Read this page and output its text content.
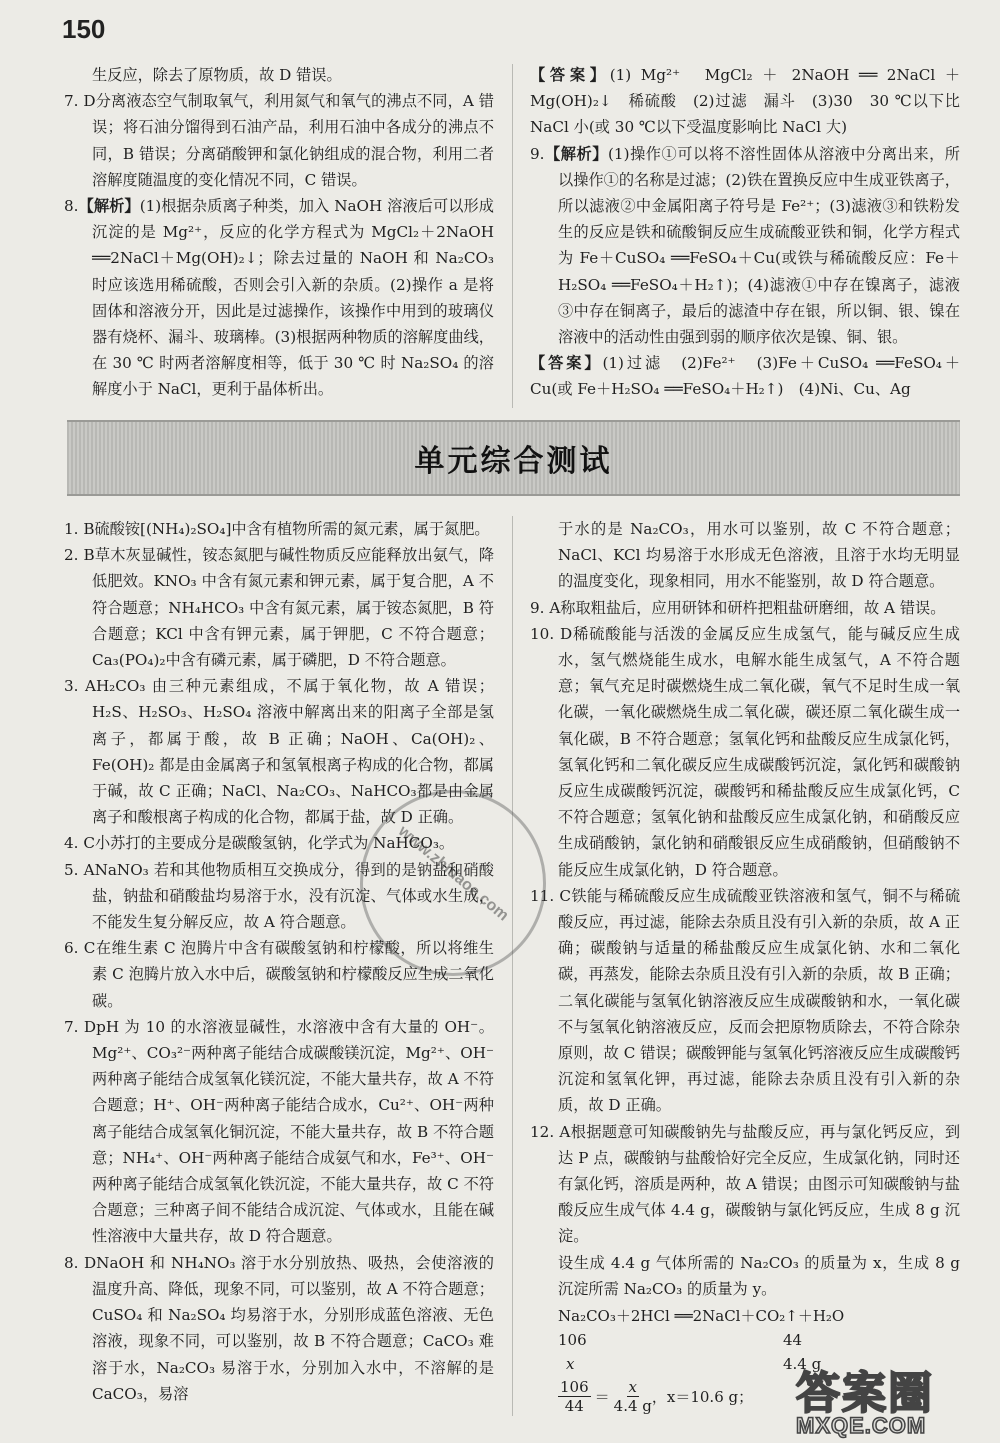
150

生反应，除去了原物质，故 D 错误。

7. D分离液态空气制取氧气，利用氮气和氧气的沸点不同，A 错误；将石油分馏得到石油产品，利用石油中各成分的沸点不同，B 错误；分离硝酸钾和氯化钠组成的混合物，利用二者溶解度随温度的变化情况不同，C 错误。

8.【解析】(1)根据杂质离子种类，加入 NaOH 溶液后可以形成沉淀的是 Mg²⁺，反应的化学方程式为 MgCl₂＋2NaOH ══2NaCl＋Mg(OH)₂↓；除去过量的 NaOH 和 Na₂CO₃ 时应该选用稀硫酸，否则会引入新的杂质。(2)操作 a 是将固体和溶液分开，因此是过滤操作，该操作中用到的玻璃仪器有烧杯、漏斗、玻璃棒。(3)根据两种物质的溶解度曲线，在 30 ℃ 时两者溶解度相等，低于 30 ℃ 时 Na₂SO₄ 的溶解度小于 NaCl，更利于晶体析出。

【答案】(1) Mg²⁺　MgCl₂ ＋ 2NaOH ══ 2NaCl ＋ Mg(OH)₂↓　稀硫酸　(2)过滤　漏斗　(3)30　30 ℃以下比 NaCl 小(或 30 ℃以下受温度影响比 NaCl 大)

9.【解析】(1)操作①可以将不溶性固体从溶液中分离出来，所以操作①的名称是过滤；(2)铁在置换反应中生成亚铁离子，所以滤液②中金属阳离子符号是 Fe²⁺；(3)滤液③和铁粉发生的反应是铁和硫酸铜反应生成硫酸亚铁和铜，化学方程式为 Fe＋CuSO₄ ══FeSO₄＋Cu(或铁与稀硫酸反应：Fe＋H₂SO₄ ══FeSO₄＋H₂↑)；(4)滤液①中存在镍离子，滤液③中存在铜离子，最后的滤渣中存在银，所以铜、银、镍在溶液中的活动性由强到弱的顺序依次是镍、铜、银。

【答案】(1)过滤　(2)Fe²⁺　(3)Fe＋CuSO₄ ══FeSO₄＋Cu(或 Fe＋H₂SO₄ ══FeSO₄＋H₂↑)　(4)Ni、Cu、Ag

单元综合测试

1. B硫酸铵[(NH₄)₂SO₄]中含有植物所需的氮元素，属于氮肥。

2. B草木灰显碱性，铵态氮肥与碱性物质反应能释放出氨气，降低肥效。KNO₃ 中含有氮元素和钾元素，属于复合肥，A 不符合题意；NH₄HCO₃ 中含有氮元素，属于铵态氮肥，B 符合题意；KCl 中含有钾元素，属于钾肥，C 不符合题意；Ca₃(PO₄)₂中含有磷元素，属于磷肥，D 不符合题意。

3. AH₂CO₃ 由三种元素组成，不属于氧化物，故 A 错误；H₂S、H₂SO₃、H₂SO₄ 溶液中解离出来的阳离子全部是氢离子，都属于酸，故 B 正确；NaOH、Ca(OH)₂、Fe(OH)₂ 都是由金属离子和氢氧根离子构成的化合物，都属于碱，故 C 正确；NaCl、Na₂CO₃、NaHCO₃都是由金属离子和酸根离子构成的化合物，都属于盐，故 D 正确。

4. C小苏打的主要成分是碳酸氢钠，化学式为 NaHCO₃。

5. ANaNO₃ 若和其他物质相互交换成分，得到的是钠盐和硝酸盐，钠盐和硝酸盐均易溶于水，没有沉淀、气体或水生成，不能发生复分解反应，故 A 符合题意。

6. C在维生素 C 泡腾片中含有碳酸氢钠和柠檬酸，所以将维生素 C 泡腾片放入水中后，碳酸氢钠和柠檬酸反应生成二氧化碳。

7. DpH 为 10 的水溶液显碱性，水溶液中含有大量的 OH⁻。Mg²⁺、CO₃²⁻两种离子能结合成碳酸镁沉淀，Mg²⁺、OH⁻两种离子能结合成氢氧化镁沉淀，不能大量共存，故 A 不符合题意；H⁺、OH⁻两种离子能结合成水，Cu²⁺、OH⁻两种离子能结合成氢氧化铜沉淀，不能大量共存，故 B 不符合题意；NH₄⁺、OH⁻两种离子能结合成氨气和水，Fe³⁺、OH⁻两种离子能结合成氢氧化铁沉淀，不能大量共存，故 C 不符合题意；三种离子间不能结合成沉淀、气体或水，且能在碱性溶液中大量共存，故 D 符合题意。

8. DNaOH 和 NH₄NO₃ 溶于水分别放热、吸热，会使溶液的温度升高、降低，现象不同，可以鉴别，故 A 不符合题意；CuSO₄ 和 Na₂SO₄ 均易溶于水，分别形成蓝色溶液、无色溶液，现象不同，可以鉴别，故 B 不符合题意；CaCO₃ 难溶于水，Na₂CO₃ 易溶于水，分别加入水中，不溶解的是 CaCO₃，易溶

于水的是 Na₂CO₃，用水可以鉴别，故 C 不符合题意；NaCl、KCl 均易溶于水形成无色溶液，且溶于水均无明显的温度变化，现象相同，用水不能鉴别，故 D 符合题意。

9. A称取粗盐后，应用研钵和研杵把粗盐研磨细，故 A 错误。

10. D稀硫酸能与活泼的金属反应生成氢气，能与碱反应生成水，氢气燃烧能生成水，电解水能生成氢气，A 不符合题意；氧气充足时碳燃烧生成二氧化碳，氧气不足时生成一氧化碳，一氧化碳燃烧生成二氧化碳，碳还原二氧化碳生成一氧化碳，B 不符合题意；氢氧化钙和盐酸反应生成氯化钙，氢氧化钙和二氧化碳反应生成碳酸钙沉淀，氯化钙和碳酸钠反应生成碳酸钙沉淀，碳酸钙和稀盐酸反应生成氯化钙，C 不符合题意；氢氧化钠和盐酸反应生成氯化钠，和硝酸反应生成硝酸钠，氯化钠和硝酸银反应生成硝酸钠，但硝酸钠不能反应生成氯化钠，D 符合题意。

11. C铁能与稀硫酸反应生成硫酸亚铁溶液和氢气，铜不与稀硫酸反应，再过滤，能除去杂质且没有引入新的杂质，故 A 正确；碳酸钠与适量的稀盐酸反应生成氯化钠、水和二氧化碳，再蒸发，能除去杂质且没有引入新的杂质，故 B 正确；二氧化碳能与氢氧化钠溶液反应生成碳酸钠和水，一氧化碳不与氢氧化钠溶液反应，反而会把原物质除去，不符合除杂原则，故 C 错误；碳酸钾能与氢氧化钙溶液反应生成碳酸钙沉淀和氢氧化钾，再过滤，能除去杂质且没有引入新的杂质，故 D 正确。

12. A根据题意可知碳酸钠先与盐酸反应，再与氯化钙反应，到达 P 点，碳酸钠与盐酸恰好完全反应，生成氯化钠，同时还有氯化钙，溶质是两种，故 A 错误；由图示可知碳酸钠与盐酸反应生成气体 4.4 g，碳酸钠与氯化钙反应，生成 8 g 沉淀。

设生成 4.4 g 气体所需的 Na₂CO₃ 的质量为 x，生成 8 g 沉淀所需 Na₂CO₃ 的质量为 y。

Na₂CO₃＋2HCl ══2NaCl＋CO₂↑＋H₂O
106	44
x	4.4 g
$\frac{106}{44} = \frac{x}{4.4 g}$ ，x＝10.6 g；
www.zhidaoe.com
答案圈
MXQE.COM
